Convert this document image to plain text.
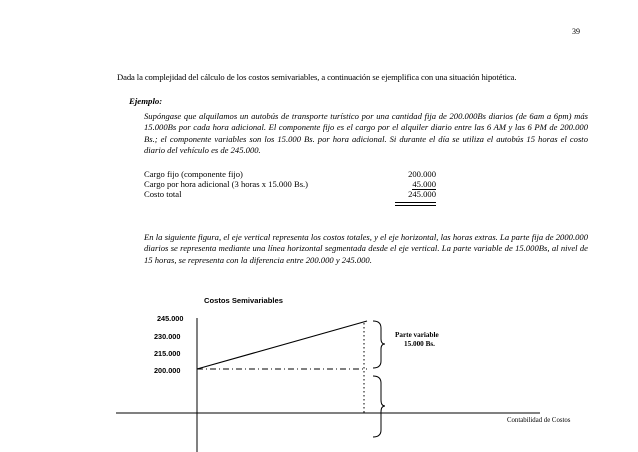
39
Dada la complejidad del cálculo de los costos semivariables, a continuación se ejemplifica con una situación hipotética.
Ejemplo:
Supóngase que alquilamos un autobús de transporte turístico por una cantidad fija de 200.000Bs diarios (de 6am a 6pm) más 15.000Bs por cada hora adicional. El componente fijo es el cargo por el alquiler diario entre las 6 AM y las 6 PM de 200.000 Bs.; el componente variables son los 15.000 Bs. por hora adicional. Si durante el día se utiliza el autobús 15 horas el costo diario del vehículo es de 245.000.
Cargo fijo (componente fijo)	200.000
Cargo por hora adicional (3 horas x 15.000 Bs.)	45.000
Costo total	245.000
En la siguiente figura, el eje vertical representa los costos totales, y el eje horizontal, las horas extras. La parte fija de 2000.000 diarios se representa mediante una línea horizontal segmentada desde el eje vertical. La parte variable de 15.000Bs, al nivel de 15 horas, se representa con la diferencia entre 200.000 y 245.000.
Costos Semivariables
245.000
230.000
215.000
200.000
Parte variable
15.000 Bs.
Contabilidad de Costos
